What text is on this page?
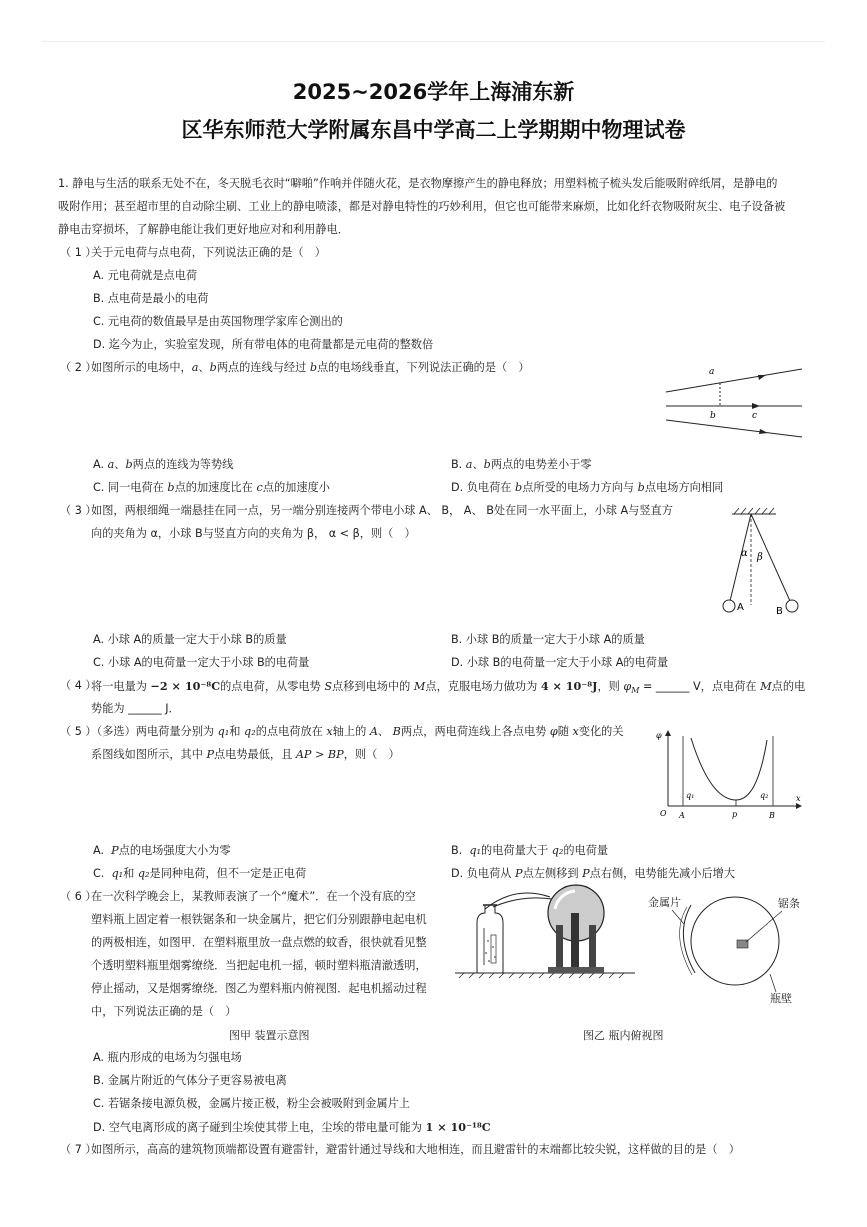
2025~2026学年上海浦东新
区华东师范大学附属东昌中学高二上学期期中物理试卷
1. 静电与生活的联系无处不在，冬天脱毛衣时“噼啪”作响并伴随火花，是衣物摩擦产生的静电释放；用塑料梳子梳头发后能吸附碎纸屑，是静电的
吸附作用；甚至超市里的自动除尘刷、工业上的静电喷漆，都是对静电特性的巧妙利用，但它也可能带来麻烦，比如化纤衣物吸附灰尘、电子设备被
静电击穿损坏，了解静电能让我们更好地应对和利用静电．
（ 1 ）
关于元电荷与点电荷，下列说法正确的是（　）
A. 元电荷就是点电荷
B. 点电荷是最小的电荷
C. 元电荷的数值最早是由英国物理学家库仑测出的
D. 迄今为止，实验室发现，所有带电体的电荷量都是元电荷的整数倍
（ 2 ）
如图所示的电场中，a、b两点的连线与经过 b点的电场线垂直，下列说法正确的是（　）	a
b	c
A. a、b两点的连线为等势线	B. a、b两点的电势差小于零
C. 同一电荷在 b点的加速度比在 c点的加速度小	D. 负电荷在 b点所受的电场力方向与 b点电场方向相同
（ 3 ）
如图，两根细绳一端悬挂在同一点，另一端分别连接两个带电小球 A、 B， A、 B处在同一水平面上，小球 A与竖直方
向的夹角为 α，小球 B与竖直方向的夹角为 β， α < β，则（　）
α β
A	B
A. 小球 A的质量一定大于小球 B的质量	B. 小球 B的质量一定大于小球 A的质量
C. 小球 A的电荷量一定大于小球 B的电荷量	D. 小球 B的电荷量一定大于小球 A的电荷量
（ 4 ）
将一电量为 −2 × 10⁻⁸C的点电荷，从零电势 S点移到电场中的 M点，克服电场力做功为 4 × 10⁻⁸J，则 $\varphi_M$ = ______ V，点电荷在 M点的电
势能为 ______ J．
（ 5 ）
（多选）两电荷量分别为 q₁和 q₂的点电荷放在 x轴上的 A、 B两点，两电荷连线上各点电势 φ随 x变化的关
系图线如图所示，其中 P点电势最低，且 AP > BP，则（　）
φ
q₁	q₂	x
O A	p	B
A.  P点的电场强度大小为零	B.  q₁的电荷量大于 q₂的电荷量
C.  q₁和 q₂是同种电荷，但不一定是正电荷	D. 负电荷从 P点左侧移到 P点右侧，电势能先减小后增大
（ 6 ）
在一次科学晚会上，某教师表演了一个“魔术”．在一个没有底的空
塑料瓶上固定着一根铁锯条和一块金属片，把它们分别跟静电起电机
的两极相连，如图甲．在塑料瓶里放一盘点燃的蚊香，很快就看见整
个透明塑料瓶里烟雾缭绕．当把起电机一摇，顿时塑料瓶清澈透明，
停止摇动，又是烟雾缭绕．图乙为塑料瓶内俯视图．起电机摇动过程
中，下列说法正确的是（　）
金属片	锯条
瓶壁
图甲 装置示意图	图乙 瓶内俯视图
A. 瓶内形成的电场为匀强电场
B. 金属片附近的气体分子更容易被电离
C. 若锯条接电源负极，金属片接正极，粉尘会被吸附到金属片上
D. 空气电离形成的离子碰到尘埃使其带上电，尘埃的带电量可能为 1 × 10⁻¹⁸C
（ 7 ）
如图所示，高高的建筑物顶端都设置有避雷针，避雷针通过导线和大地相连，而且避雷针的末端都比较尖锐，这样做的目的是（　）
